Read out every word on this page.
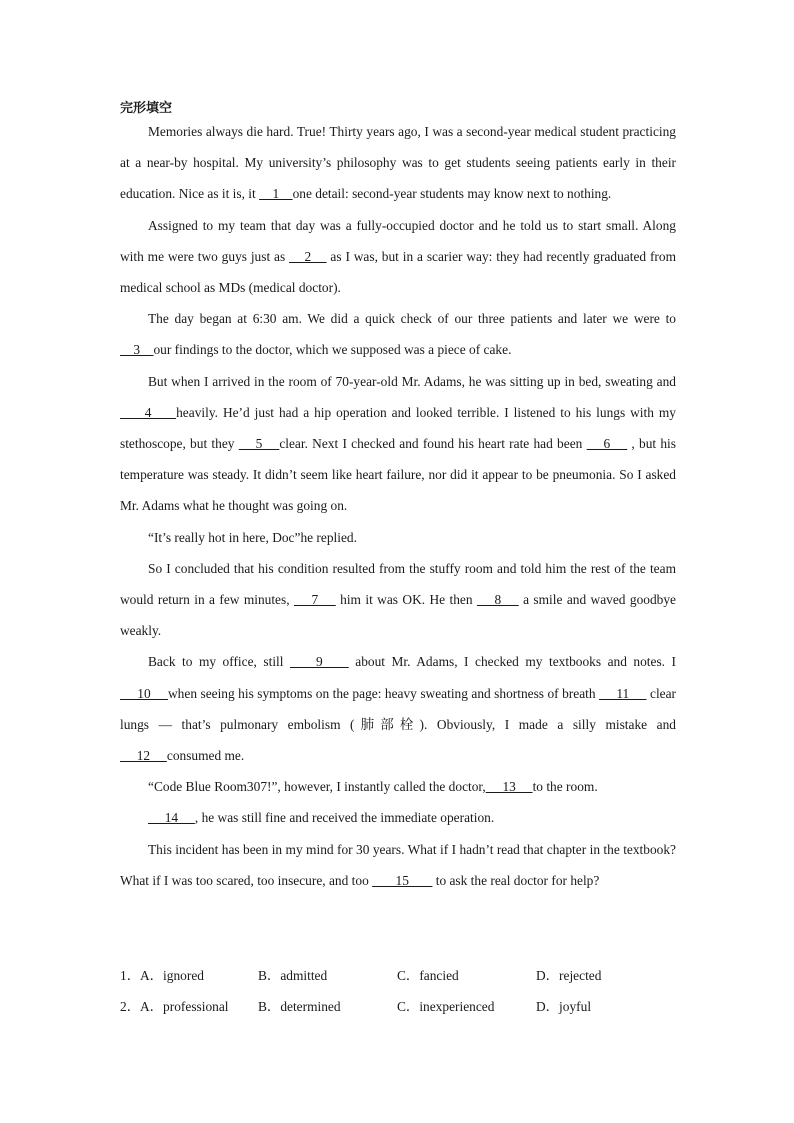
完形填空

Memories always die hard. True! Thirty years ago, I was a second-year medical student practicing at a near-by hospital. My university’s philosophy was to get students seeing patients early in their education. Nice as it is, it     1    one detail: second-year students may know next to nothing.

Assigned to my team that day was a fully-occupied doctor and he told us to start small. Along with me were two guys just as     2     as I was, but in a scarier way: they had recently graduated from medical school as MDs (medical doctor).

The day began at 6:30 am. We did a quick check of our three patients and later we were to     3    our findings to the doctor, which we supposed was a piece of cake.

But when I arrived in the room of 70-year-old Mr. Adams, he was sitting up in bed, sweating and      4     heavily. He’d just had a hip operation and looked terrible. I listened to his lungs with my stethoscope, but they     5    clear. Next I checked and found his heart rate had been     6     , but his temperature was steady. It didn’t seem like heart failure, nor did it appear to be pneumonia. So I asked Mr. Adams what he thought was going on.

“It’s really hot in here, Doc”he replied.

So I concluded that his condition resulted from the stuffy room and told him the rest of the team would return in a few minutes,     7     him it was OK. He then     8     a smile and waved goodbye weakly.

Back to my office, still     9     about Mr. Adams, I checked my textbooks and notes. I      10     when seeing his symptoms on the page: heavy sweating and shortness of breath      11      clear lungs — that’s pulmonary embolism (肺部栓). Obviously, I made a silly mistake and     12     consumed me.

“Code Blue Room307!”, however, I instantly called the doctor,     13     to the room.

14     , he was still fine and received the immediate operation.

This incident has been in my mind for 30 years. What if I hadn’t read that chapter in the textbook? What if I was too scared, too insecure, and too        15        to ask the real doctor for help?

1． A．ignored	B．admitted	C．fancied	D．rejected
2． A．professional	B．determined	C．inexperienced	D．joyful
